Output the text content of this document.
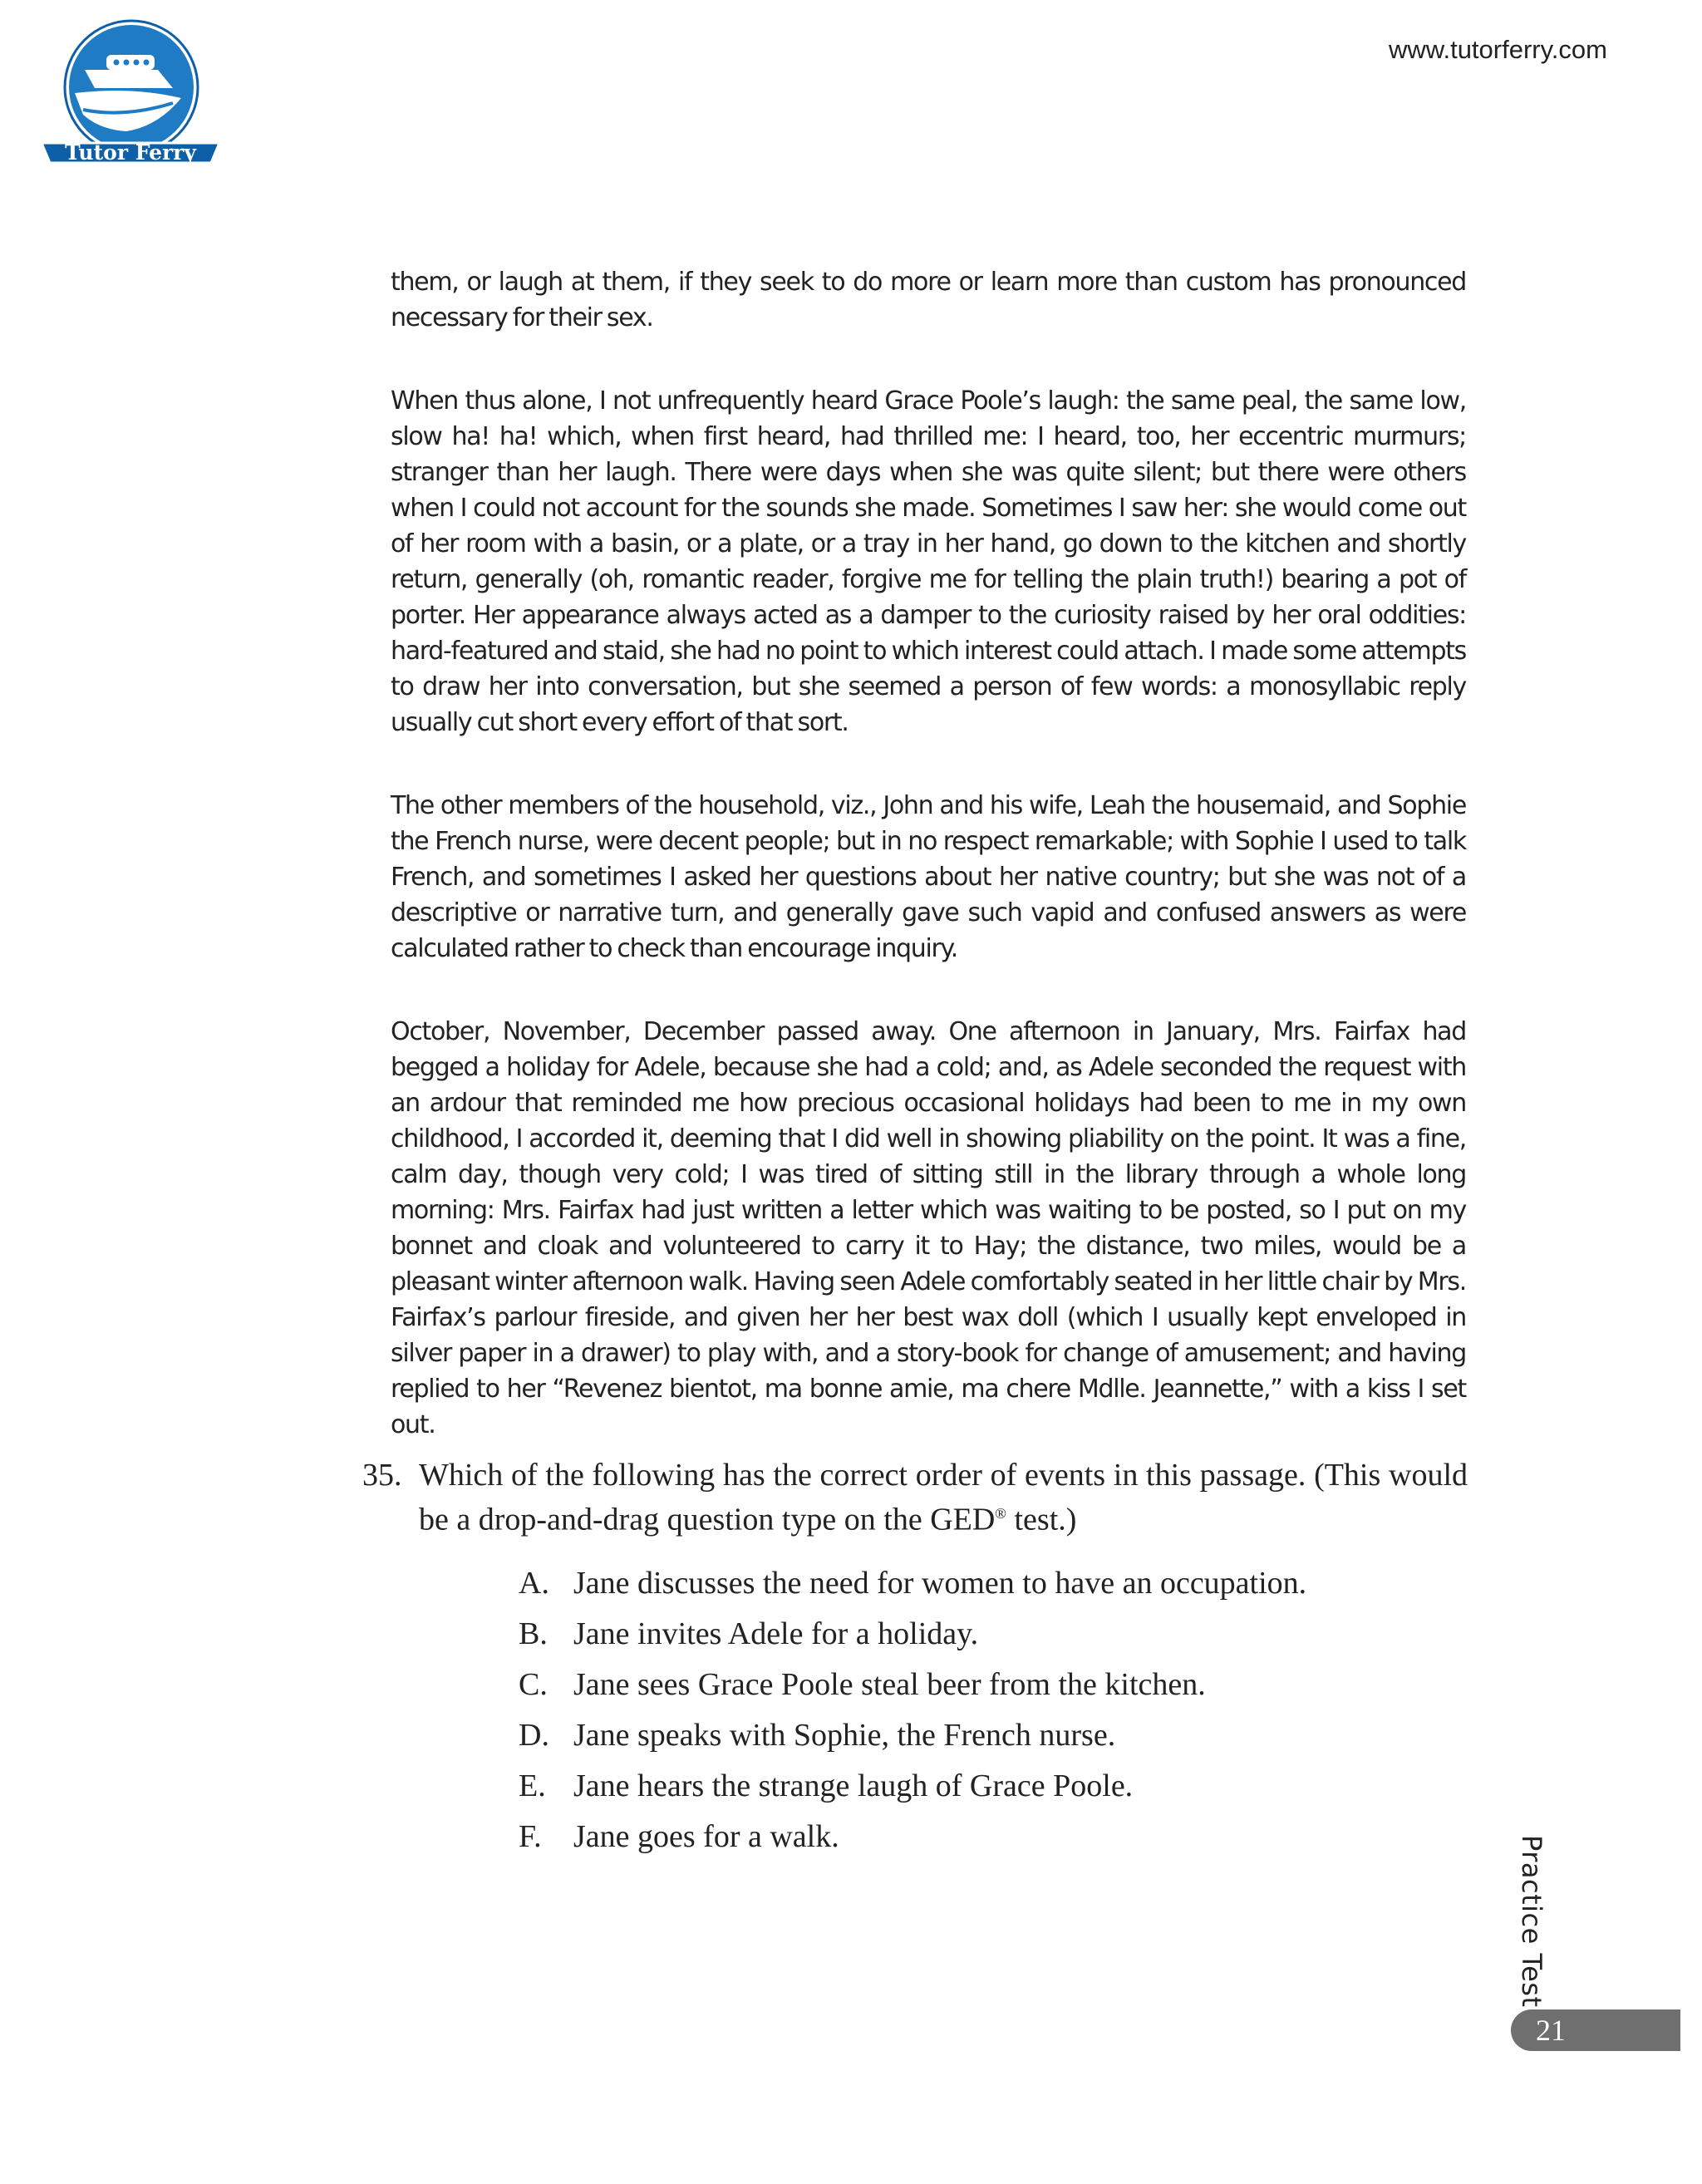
Tutor Ferry

www.tutorferry.com

them, or laugh at them, if they seek to do more or learn more than custom has pronounced necessary for their sex.

When thus alone, I not unfrequently heard Grace Poole’s laugh: the same peal, the same low, slow ha! ha! which, when first heard, had thrilled me: I heard, too, her eccentric murmurs; stranger than her laugh. There were days when she was quite silent; but there were others when I could not account for the sounds she made. Sometimes I saw her: she would come out of her room with a basin, or a plate, or a tray in her hand, go down to the kitchen and shortly return, generally (oh, romantic reader, forgive me for telling the plain truth!) bearing a pot of porter. Her appearance always acted as a damper to the curiosity raised by her oral oddities: hard-featured and staid, she had no point to which interest could attach. I made some attempts to draw her into conversation, but she seemed a person of few words: a monosyllabic reply usually cut short every effort of that sort.

The other members of the household, viz., John and his wife, Leah the housemaid, and Sophie the French nurse, were decent people; but in no respect remarkable; with Sophie I used to talk French, and sometimes I asked her questions about her native country; but she was not of a descriptive or narrative turn, and generally gave such vapid and confused answers as were calculated rather to check than encourage inquiry.

October, November, December passed away. One afternoon in January, Mrs. Fairfax had begged a holiday for Adele, because she had a cold; and, as Adele seconded the request with an ardour that reminded me how precious occasional holidays had been to me in my own childhood, I accorded it, deeming that I did well in showing pliability on the point. It was a fine, calm day, though very cold; I was tired of sitting still in the library through a whole long morning: Mrs. Fairfax had just written a letter which was waiting to be posted, so I put on my bonnet and cloak and volunteered to carry it to Hay; the distance, two miles, would be a pleasant winter afternoon walk. Having seen Adele comfortably seated in her little chair by Mrs. Fairfax’s parlour fireside, and given her her best wax doll (which I usually kept enveloped in silver paper in a drawer) to play with, and a story-book for change of amusement; and having replied to her “Revenez bientot, ma bonne amie, ma chere Mdlle. Jeannette,” with a kiss I set out.

35. Which of the following has the correct order of events in this passage. (This would be a drop-and-drag question type on the GED® test.)

A. Jane discusses the need for women to have an occupation.
B. Jane invites Adele for a holiday.
C. Jane sees Grace Poole steal beer from the kitchen.
D. Jane speaks with Sophie, the French nurse.
E. Jane hears the strange laugh of Grace Poole.
F. Jane goes for a walk.	Practice Test
21
